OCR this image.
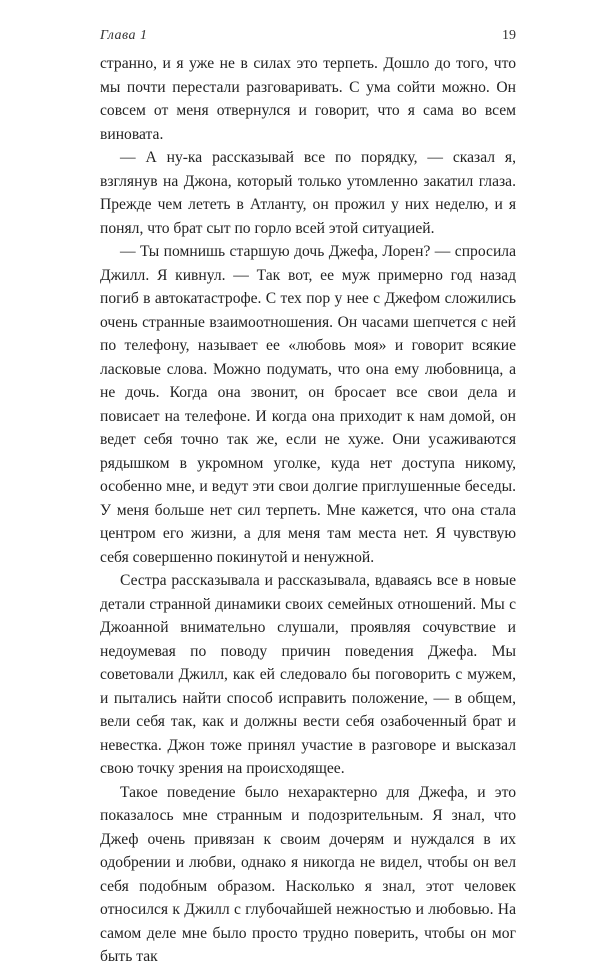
Глава 1	19

странно, и я уже не в силах это терпеть. Дошло до того, что мы почти перестали разговаривать. С ума сойти можно. Он совсем от меня отвернулся и говорит, что я сама во всем виновата.

— А ну-ка рассказывай все по порядку, — сказал я, взглянув на Джона, который только утомленно закатил глаза. Прежде чем лететь в Атланту, он прожил у них неделю, и я понял, что брат сыт по горло всей этой ситуацией.

— Ты помнишь старшую дочь Джефа, Лорен? — спросила Джилл. Я кивнул. — Так вот, ее муж примерно год назад погиб в автокатастрофе. С тех пор у нее с Джефом сложились очень странные взаимоотношения. Он часами шепчется с ней по телефону, называет ее «любовь моя» и говорит всякие ласковые слова. Можно подумать, что она ему любовница, а не дочь. Когда она звонит, он бросает все свои дела и повисает на телефоне. И когда она приходит к нам домой, он ведет себя точно так же, если не хуже. Они усаживаются рядышком в укромном уголке, куда нет доступа никому, особенно мне, и ведут эти свои долгие приглушенные беседы. У меня больше нет сил терпеть. Мне кажется, что она стала центром его жизни, а для меня там места нет. Я чувствую себя совершенно покинутой и ненужной.

Сестра рассказывала и рассказывала, вдаваясь все в новые детали странной динамики своих семейных отношений. Мы с Джоанной внимательно слушали, проявляя сочувствие и недоумевая по поводу причин поведения Джефа. Мы советовали Джилл, как ей следовало бы поговорить с мужем, и пытались найти способ исправить положение, — в общем, вели себя так, как и должны вести себя озабоченный брат и невестка. Джон тоже принял участие в разговоре и высказал свою точку зрения на происходящее.

Такое поведение было нехарактерно для Джефа, и это показалось мне странным и подозрительным. Я знал, что Джеф очень привязан к своим дочерям и нуждался в их одобрении и любви, однако я никогда не видел, чтобы он вел себя подобным образом. Насколько я знал, этот человек относился к Джилл с глубочайшей нежностью и любовью. На самом деле мне было просто трудно поверить, чтобы он мог быть так
